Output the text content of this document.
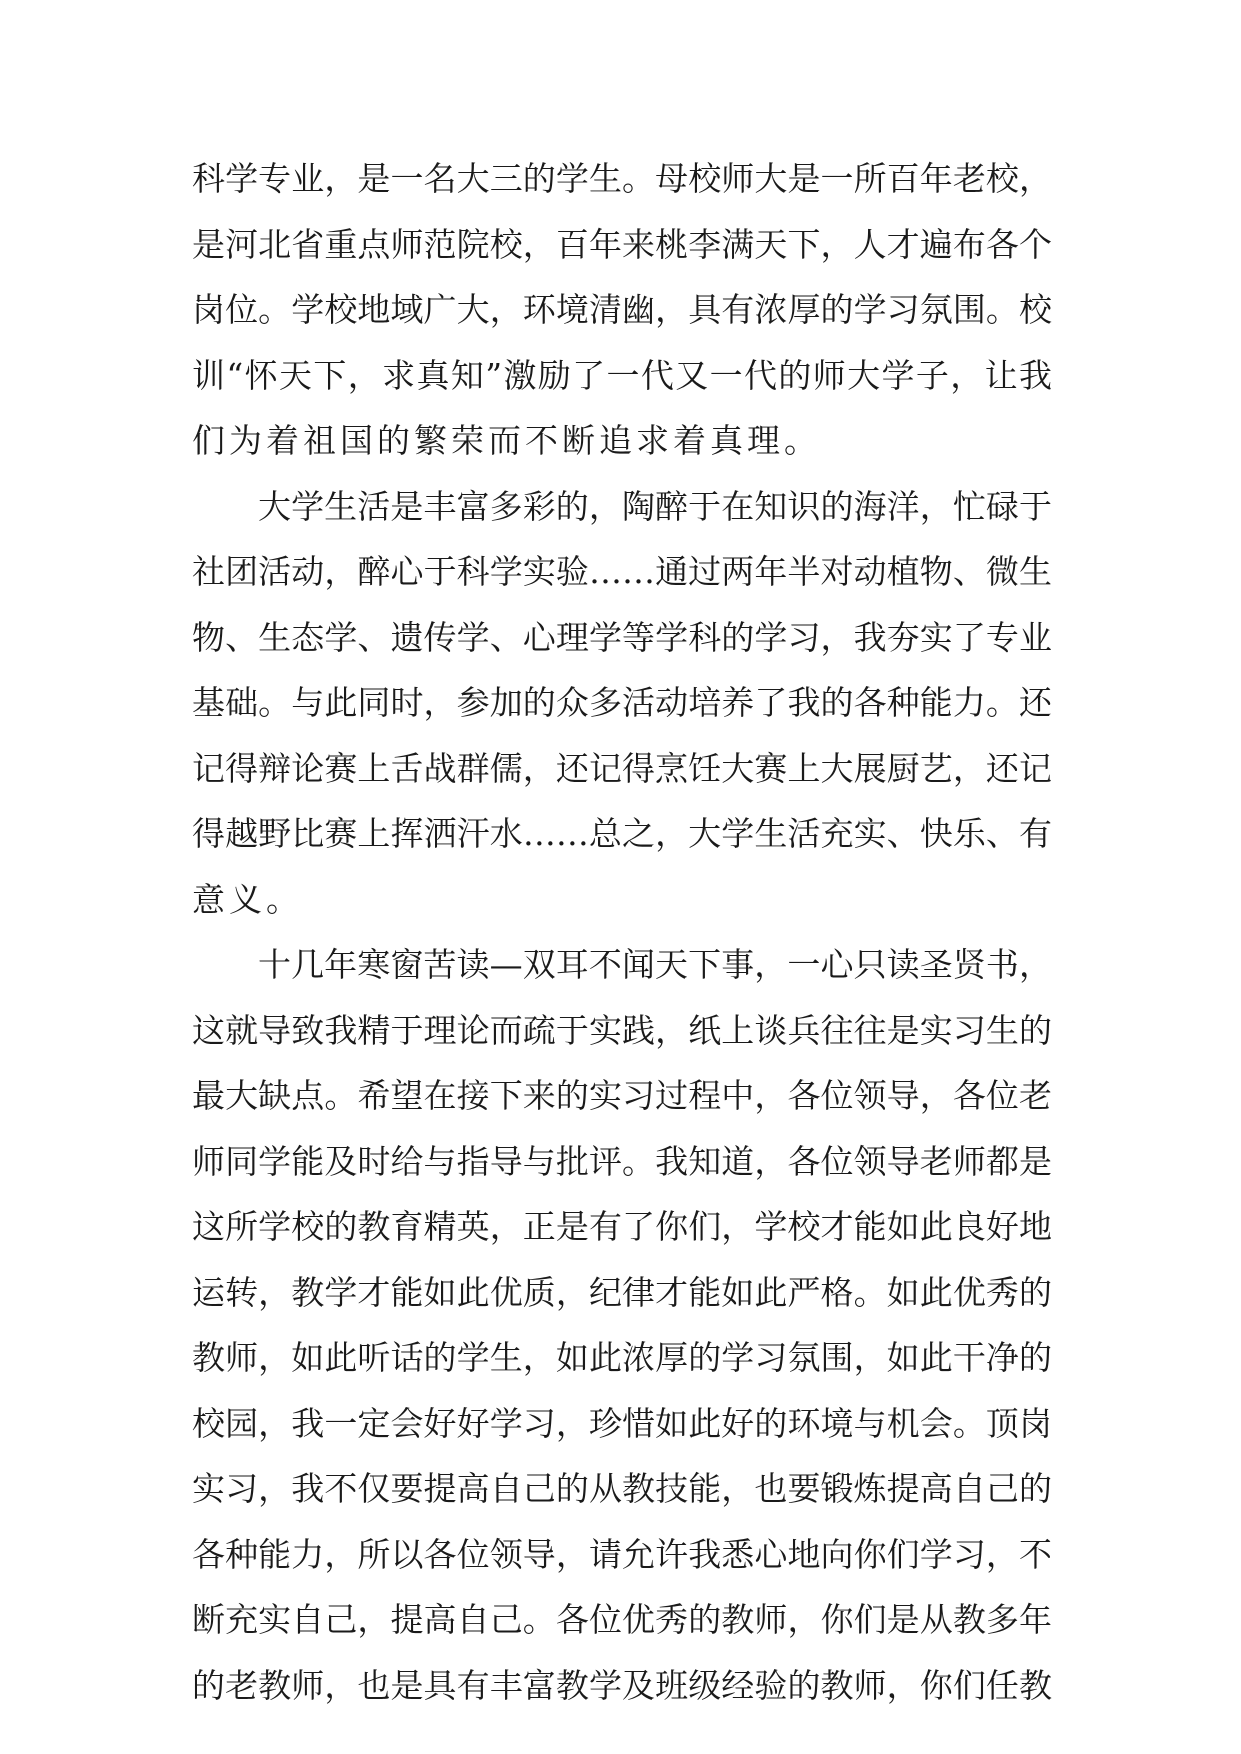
科学专业，是一名大三的学生。母校师大是一所百年老校，
是河北省重点师范院校，百年来桃李满天下，人才遍布各个
岗位。学校地域广大，环境清幽，具有浓厚的学习氛围。校
训“怀天下，求真知”激励了一代又一代的师大学子，让我
们为着祖国的繁荣而不断追求着真理。
大学生活是丰富多彩的，陶醉于在知识的海洋，忙碌于
社团活动，醉心于科学实验……通过两年半对动植物、微生
物、生态学、遗传学、心理学等学科的学习，我夯实了专业
基础。与此同时，参加的众多活动培养了我的各种能力。还
记得辩论赛上舌战群儒，还记得烹饪大赛上大展厨艺，还记
得越野比赛上挥洒汗水……总之，大学生活充实、快乐、有
意义。
十几年寒窗苦读—双耳不闻天下事，一心只读圣贤书，
这就导致我精于理论而疏于实践，纸上谈兵往往是实习生的
最大缺点。希望在接下来的实习过程中，各位领导，各位老
师同学能及时给与指导与批评。我知道，各位领导老师都是
这所学校的教育精英，正是有了你们，学校才能如此良好地
运转，教学才能如此优质，纪律才能如此严格。如此优秀的
教师，如此听话的学生，如此浓厚的学习氛围，如此干净的
校园，我一定会好好学习，珍惜如此好的环境与机会。顶岗
实习，我不仅要提高自己的从教技能，也要锻炼提高自己的
各种能力，所以各位领导，请允许我悉心地向你们学习，不
断充实自己，提高自己。各位优秀的教师，你们是从教多年
的老教师，也是具有丰富教学及班级经验的教师，你们任教
